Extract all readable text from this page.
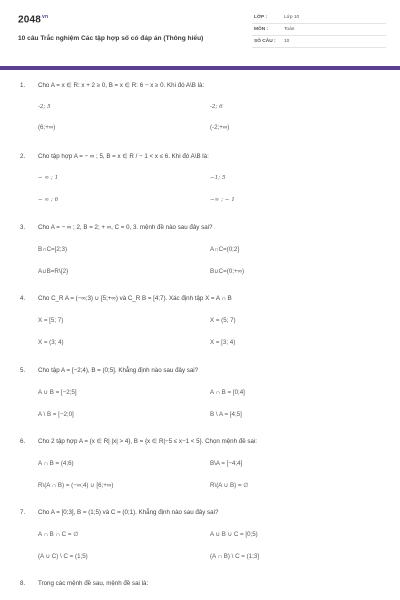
$2048^{vn}$
10 câu Trắc nghiệm Các tập hợp số có đáp án (Thông hiểu)
LỚP :	Lớp 10
MÔN :	Toán
SỐ CÂU : 10
1. Cho A = x ∈ R: x + 2 ≥ 0, B = x ∈ R: 6 − x ≥ 0. Khi đó A\B là:
-2; 5	-2; 6
(6;+∞)	(-2;+∞)
2. Cho tập hợp A = − ∞ ; 5, B = x ∈ R / − 1 < x ≤ 6. Khi đó A\B là:
− ∞ ; 1	−1; 5
− ∞ ; 6	−∞ ; − 1
3. Cho A = − ∞ ; 2, B = 2; + ∞, C = 0, 3. mệnh đề nào sau đây sai?
B∩C=[2;3)	A∩C=(0;2]
A∪B=R\{2}	B∪C=(0;+∞)
4. Cho C_R A = (−∞;3) ∪ [5;+∞) và C_R B = [4;7). Xác định tập X = A ∩ B
X = [5; 7)	X = (5; 7)
X = (3; 4)	X = [3; 4)
5. Cho tập A = [−2;4), B = (0;5]. Khẳng định nào sau đây sai?
A ∪ B = [−2;5]	A ∩ B = [0;4]
A \ B = [−2;0]	B \ A = [4;5]
6. Cho 2 tập hợp A = {x ∈ R| |x| > 4}, B = {x ∈ R|−5 ≤ x−1 < 5}. Chọn mệnh đề sai:
A ∩ B = (4;6)	B\A = [−4;4]
R\(A ∩ B) = (−∞;4) ∪ [6;+∞)	R\(A ∪ B) = ∅
7. Cho A = [0;3], B = (1;5) và C = (0;1). Khẳng định nào sau đây sai?
A ∩ B ∩ C = ∅	A ∪ B ∪ C = [0;5)
(A ∪ C) \ C = (1;5)	(A ∩ B) \ C = (1;3]
8. Trong các mệnh đề sau, mệnh đề sai là:
